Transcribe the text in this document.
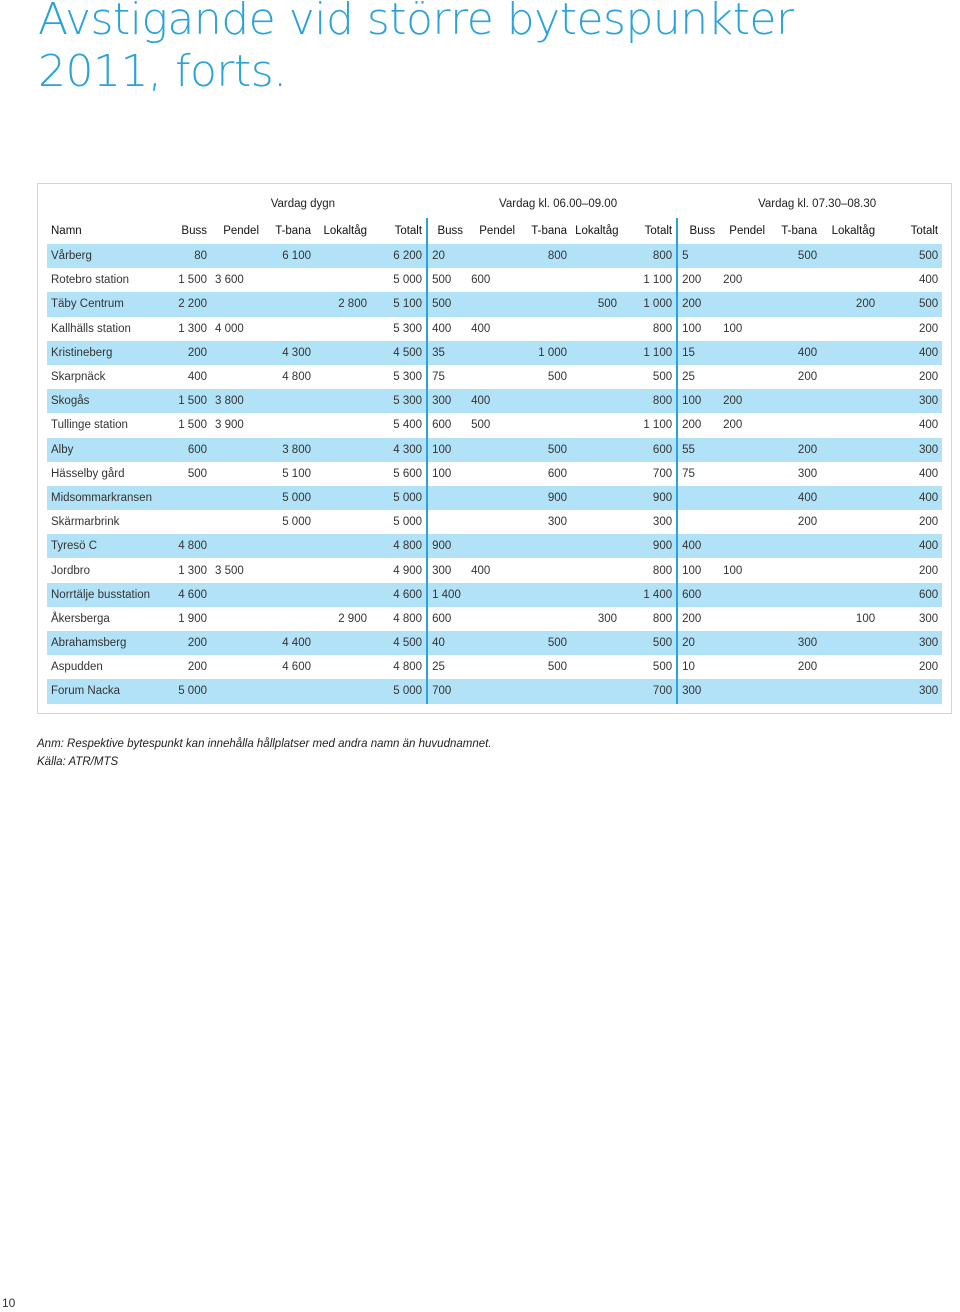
Avstigande vid större bytespunkter
2011, forts.
Vardag dygn						Vardag kl. 06.00–09.00					Vardag kl. 07.30–08.30				
Namn	Buss	Pendel	T-bana	Lokaltåg	Totalt	Buss	Pendel	T-bana	Lokaltåg	Totalt	Buss	Pendel	T-bana	Lokaltåg	Totalt
Vårberg	80		6 100		6 200	20		800		800	5		500		500
Rotebro station	1 500	3 600			5 000	500	600			1 100	200	200			400
Täby Centrum	2 200			2 800	5 100	500			500	1 000	200			200	500
Kallhälls station	1 300	4 000			5 300	400	400			800	100	100			200
Kristineberg	200		4 300		4 500	35		1 000		1 100	15		400		400
Skarpnäck	400		4 800		5 300	75		500		500	25		200		200
Skogås	1 500	3 800			5 300	300	400			800	100	200			300
Tullinge station	1 500	3 900			5 400	600	500			1 100	200	200			400
Alby	600		3 800		4 300	100		500		600	55		200		300
Hässelby gård	500		5 100		5 600	100		600		700	75		300		400
Midsommarkransen			5 000		5 000			900		900			400		400
Skärmarbrink			5 000		5 000			300		300			200		200
Tyresö C	4 800				4 800	900				900	400				400
Jordbro	1 300	3 500			4 900	300	400			800	100	100			200
Norrtälje busstation	4 600				4 600	1 400				1 400	600				600
Åkersberga	1 900			2 900	4 800	600			300	800	200			100	300
Abrahamsberg	200		4 400		4 500	40		500		500	20		300		300
Aspudden	200		4 600		4 800	25		500		500	10		200		200
Forum Nacka	5 000				5 000	700				700	300				300
Anm: Respektive bytespunkt kan innehålla hållplatser med andra namn än huvudnamnet.
Källa: ATR/MTS
10
